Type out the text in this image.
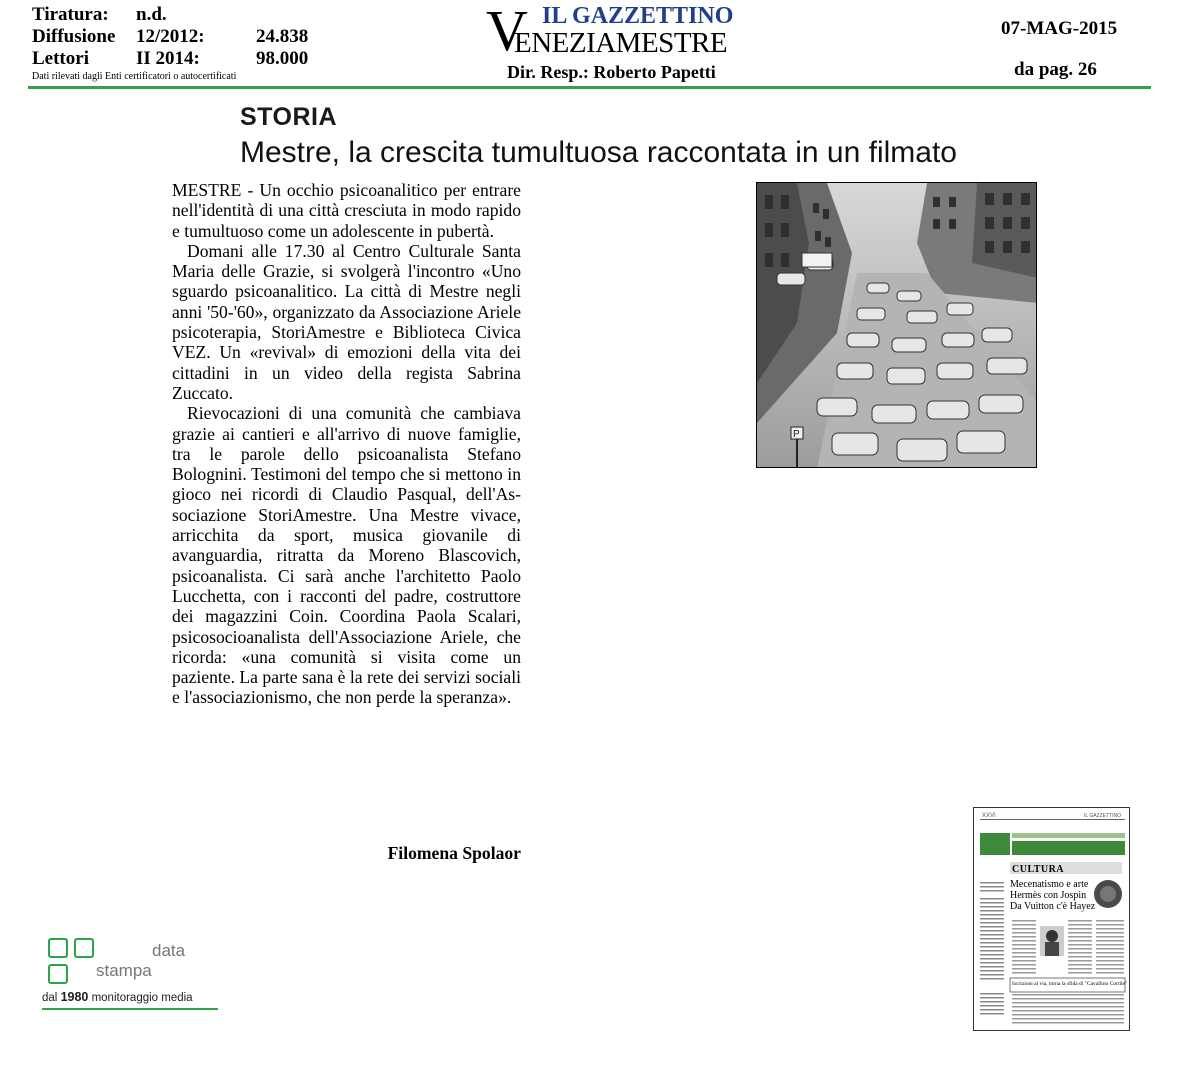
Tiratura:	n.d.
Diffusione	12/2012:	24.838
Lettori	II 2014:	98.000
Dati rilevati dagli Enti certificatori o autocertificati
V IL GAZZETTINO
ENEZIAMESTRE
Dir. Resp.: Roberto Papetti
07-MAG-2015
da pag. 26
STORIA
Mestre, la crescita tumultuosa raccontata in un filmato

MESTRE - Un occhio psicoanalitico per entrare nell'identità di una città cresciuta in modo rapido e tumultuoso come un adolescente in pubertà.

Domani alle 17.30 al Centro Culturale Santa Maria delle Grazie, si svolgerà l'incontro «Uno sguardo psicoanalitico. La città di Mestre negli anni '50-'60», organizzato da Associazione Ariele psicoterapia, StoriAmestre e Biblioteca Civica VEZ. Un «revival» di emozioni della vita dei cittadini in un video della regista Sabrina Zuccato.

Rievocazioni di una comunità che cambiava grazie ai cantieri e all'arrivo di nuove famiglie, tra le parole dello psicoanalista Stefano Bolognini. Testimoni del tempo che si mettono in gioco nei ricordi di Claudio Pasqual, dell'Associazione StoriAmestre. Una Mestre vivace, arricchita da sport, musica giovanile di avanguardia, ritratta da Moreno Blascovich, psicoanalista. Ci sarà anche l'architetto Paolo Lucchetta, con i racconti del padre, costruttore dei magazzini Coin. Coordina Paola Scalari, psicosocioanalista dell'Associazione Ariele, che ricorda: «una comunità si visita come un paziente. La parte sana è la rete dei servizi sociali e l'associazionismo, che non perde la speranza».

Filomena Spolaor
P
data
stampa
dal 1980 monitoraggio media
XXVI	IL GAZZETTINO
CULTURA
Mecenatismo e arte
Hermès con Jospin
Da Vuitton c'è Hayez
Iscrizioni al via, torna la sfida di "Cavallino Cortile"
